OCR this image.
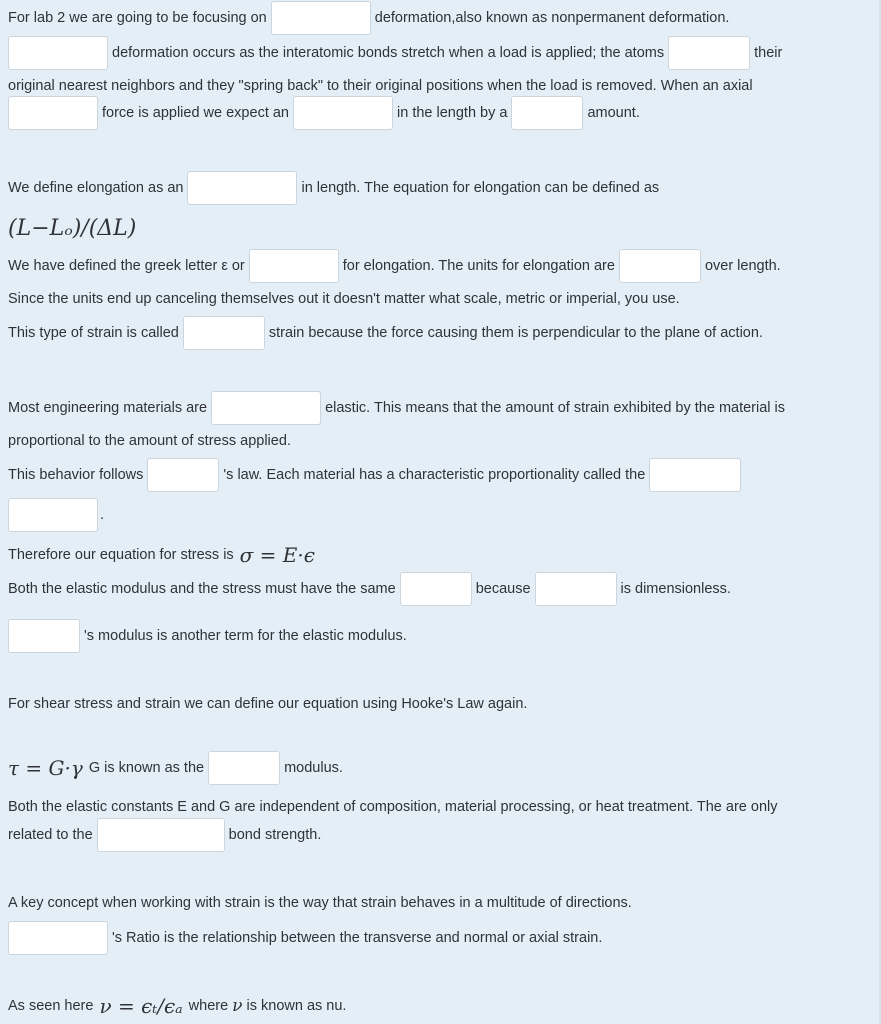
For lab 2 we are going to be focusing on	deformation,also known as nonpermanent deformation.
deformation occurs as the interatomic bonds stretch when a load is applied; the atoms	their
original nearest neighbors and they "spring back" to their original positions when the load is removed. When an axial
force is applied we expect an	in the length by a	amount.
We define elongation as an	in length. The equation for elongation can be defined as
(L−Lₒ)/(ΔL)
We have defined the greek letter ε or	for elongation. The units for elongation are	over length.
Since the units end up canceling themselves out it doesn't matter what scale, metric or imperial, you use.
This type of strain is called	strain because the force causing them is perpendicular to the plane of action.
Most engineering materials are	elastic. This means that the amount of strain exhibited by the material is
proportional to the amount of stress applied.
This behavior follows	's law. Each material has a characteristic proportionality called the
.
Therefore our equation for stress is σ = E·ϵ
Both the elastic modulus and the stress must have the same	because	is dimensionless.
's modulus is another term for the elastic modulus.
For shear stress and strain we can define our equation using Hooke's Law again.
τ = G·γ G is known as the	modulus.
Both the elastic constants E and G are independent of composition, material processing, or heat treatment. The are only
related to the	bond strength.
A key concept when working with strain is the way that strain behaves in a multitude of directions.
's Ratio is the relationship between the transverse and normal or axial strain.
As seen here ν = ϵₜ/ϵₐ where ν is known as nu.
